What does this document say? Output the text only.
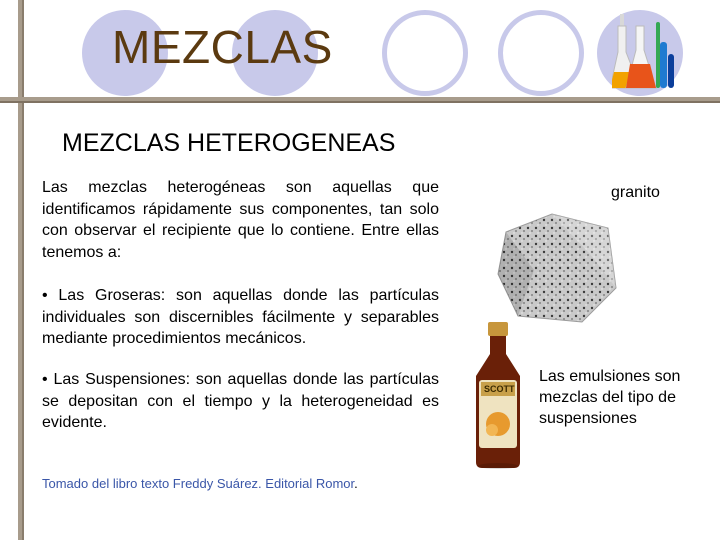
MEZCLAS
MEZCLAS HETEROGENEAS

Las mezclas heterogéneas son aquellas que identificamos rápidamente sus componentes, tan solo con observar el recipiente que lo contiene. Entre ellas tenemos a:

• Las Groseras: son aquellas donde las partículas individuales son discernibles fácilmente y separables mediante procedimientos mecánicos.

• Las Suspensiones: son aquellas donde las partículas se depositan con el tiempo y la heterogeneidad es evidente.

Tomado del libro texto Freddy Suárez. Editorial Romor.
granito
SCOTT
Las emulsiones son mezclas del tipo de suspensiones
